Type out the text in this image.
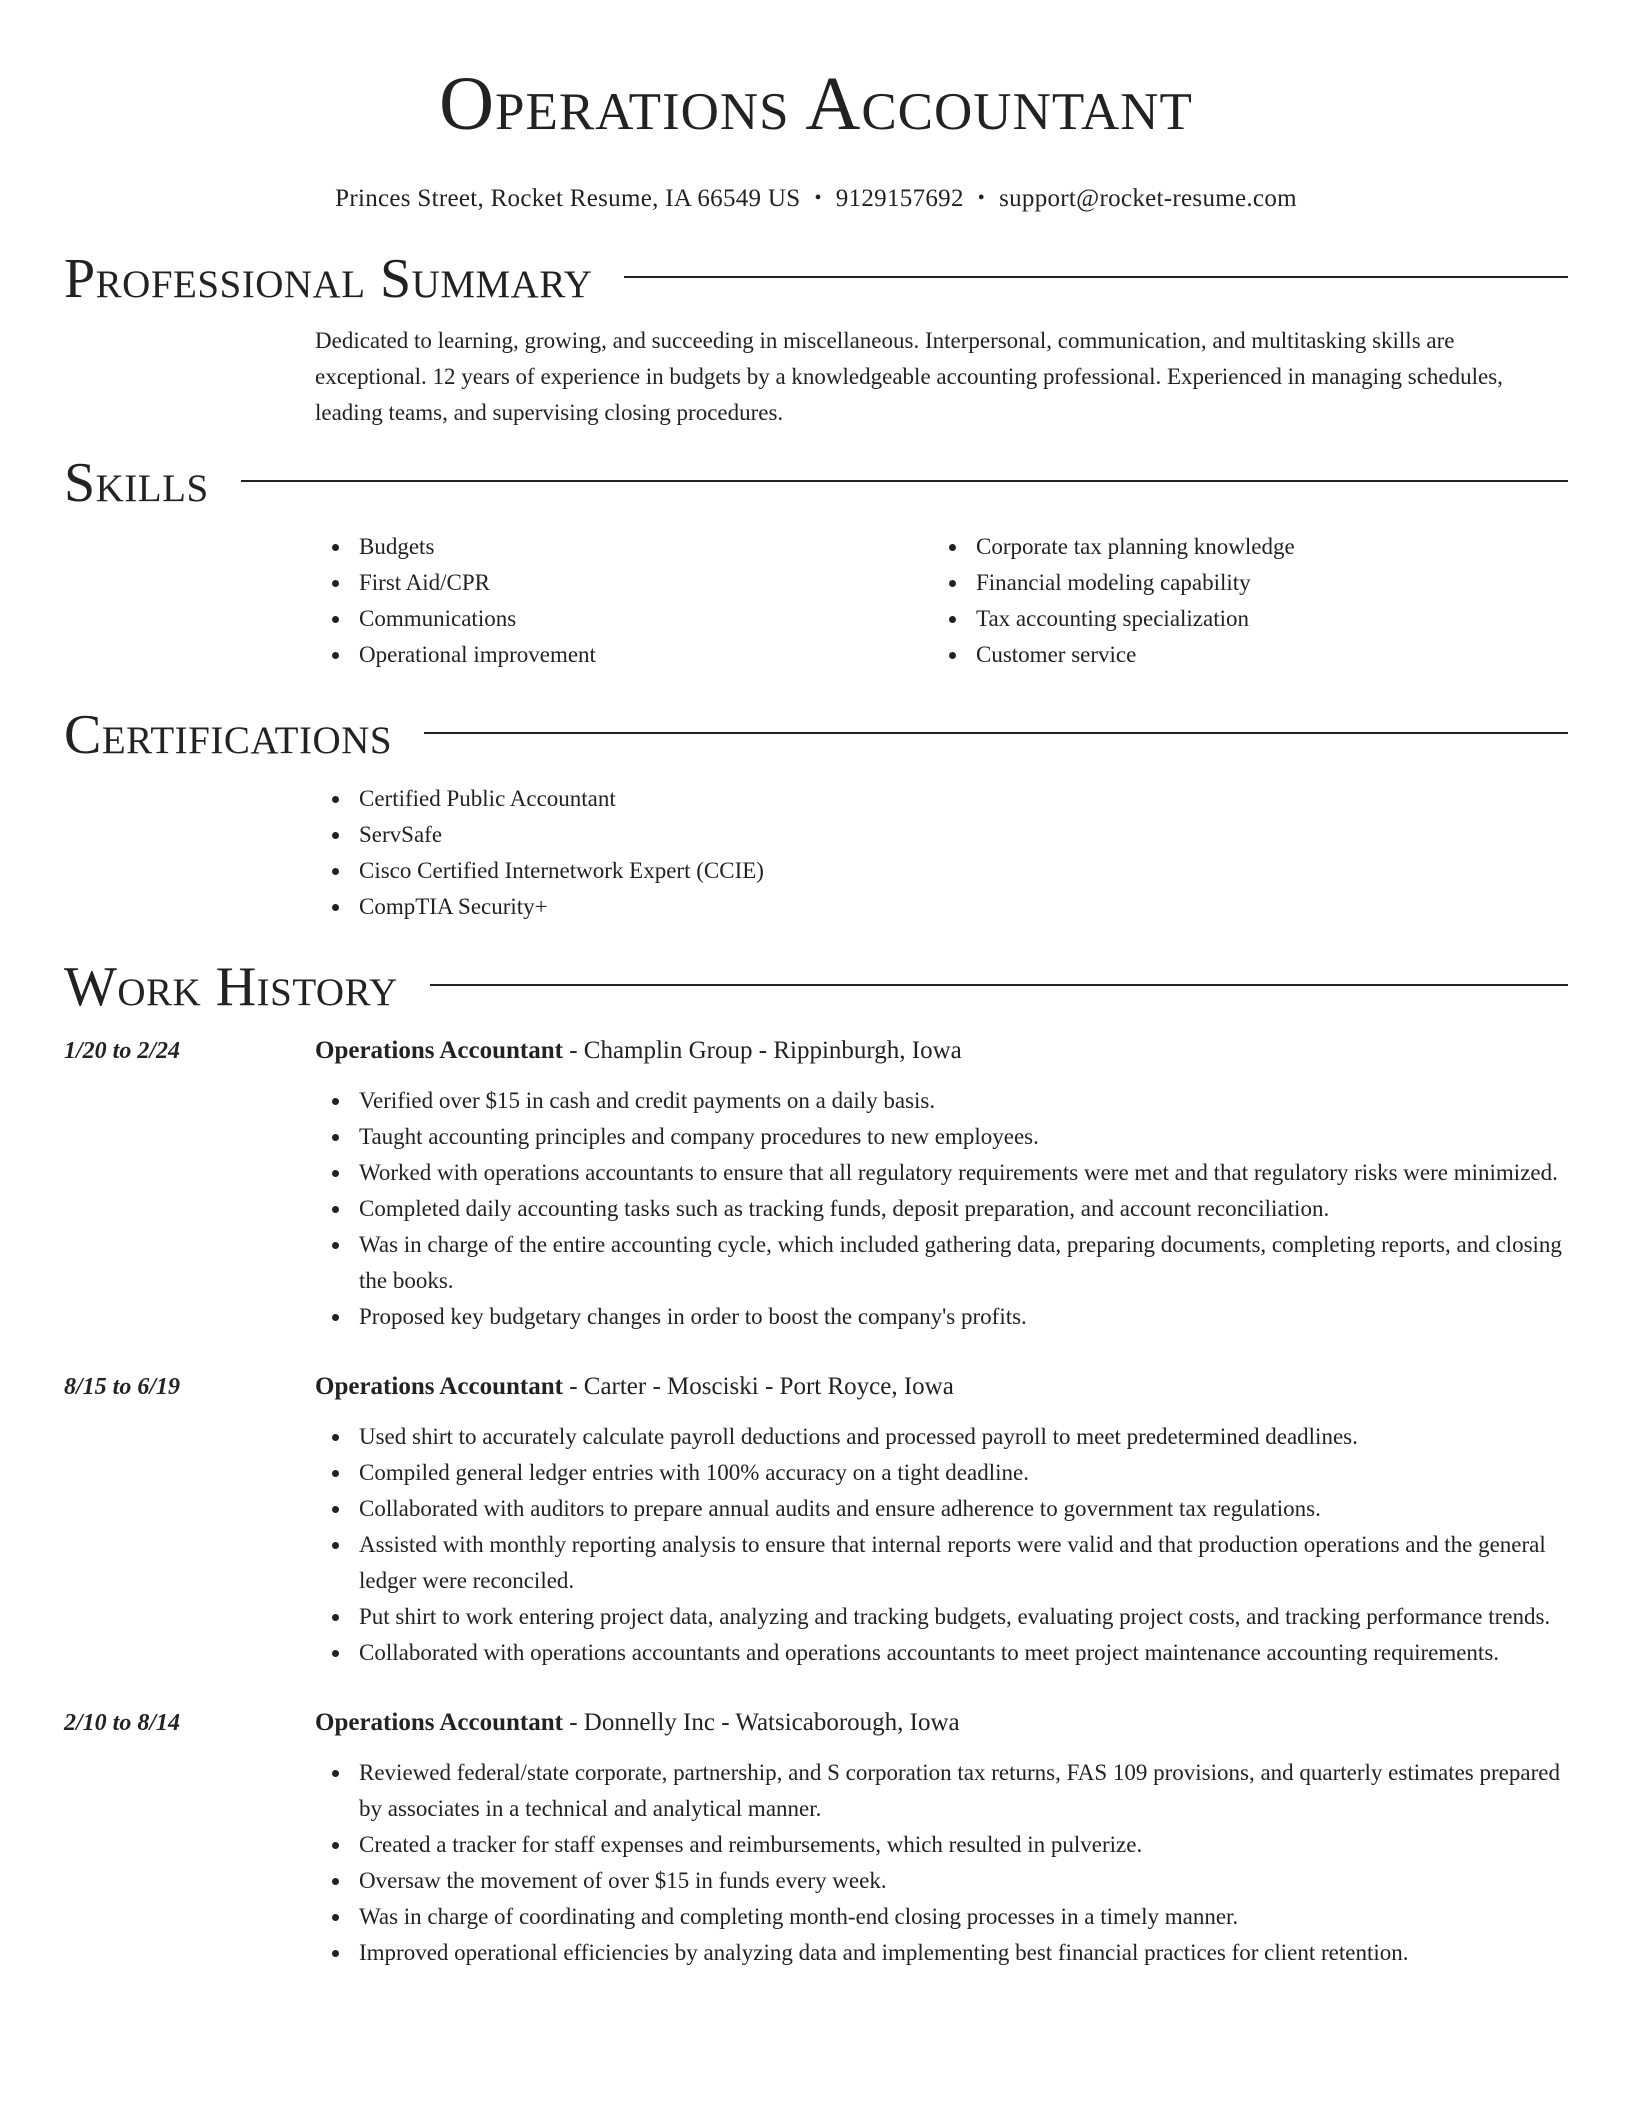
Operations Accountant
Princes Street, Rocket Resume, IA 66549 US • 9129157692 • support@rocket-resume.com
Professional Summary
Dedicated to learning, growing, and succeeding in miscellaneous. Interpersonal, communication, and multitasking skills are exceptional. 12 years of experience in budgets by a knowledgeable accounting professional. Experienced in managing schedules, leading teams, and supervising closing procedures.
Skills
Budgets
First Aid/CPR
Communications
Operational improvement
Corporate tax planning knowledge
Financial modeling capability
Tax accounting specialization
Customer service
Certifications
Certified Public Accountant
ServSafe
Cisco Certified Internetwork Expert (CCIE)
CompTIA Security+
Work History
1/20 to 2/24	Operations Accountant - Champlin Group - Rippinburgh, Iowa
Verified over $15 in cash and credit payments on a daily basis.
Taught accounting principles and company procedures to new employees.
Worked with operations accountants to ensure that all regulatory requirements were met and that regulatory risks were minimized.
Completed daily accounting tasks such as tracking funds, deposit preparation, and account reconciliation.
Was in charge of the entire accounting cycle, which included gathering data, preparing documents, completing reports, and closing the books.
Proposed key budgetary changes in order to boost the company's profits.
8/15 to 6/19	Operations Accountant - Carter - Mosciski - Port Royce, Iowa
Used shirt to accurately calculate payroll deductions and processed payroll to meet predetermined deadlines.
Compiled general ledger entries with 100% accuracy on a tight deadline.
Collaborated with auditors to prepare annual audits and ensure adherence to government tax regulations.
Assisted with monthly reporting analysis to ensure that internal reports were valid and that production operations and the general ledger were reconciled.
Put shirt to work entering project data, analyzing and tracking budgets, evaluating project costs, and tracking performance trends.
Collaborated with operations accountants and operations accountants to meet project maintenance accounting requirements.
2/10 to 8/14	Operations Accountant - Donnelly Inc - Watsicaborough, Iowa
Reviewed federal/state corporate, partnership, and S corporation tax returns, FAS 109 provisions, and quarterly estimates prepared by associates in a technical and analytical manner.
Created a tracker for staff expenses and reimbursements, which resulted in pulverize.
Oversaw the movement of over $15 in funds every week.
Was in charge of coordinating and completing month-end closing processes in a timely manner.
Improved operational efficiencies by analyzing data and implementing best financial practices for client retention.
